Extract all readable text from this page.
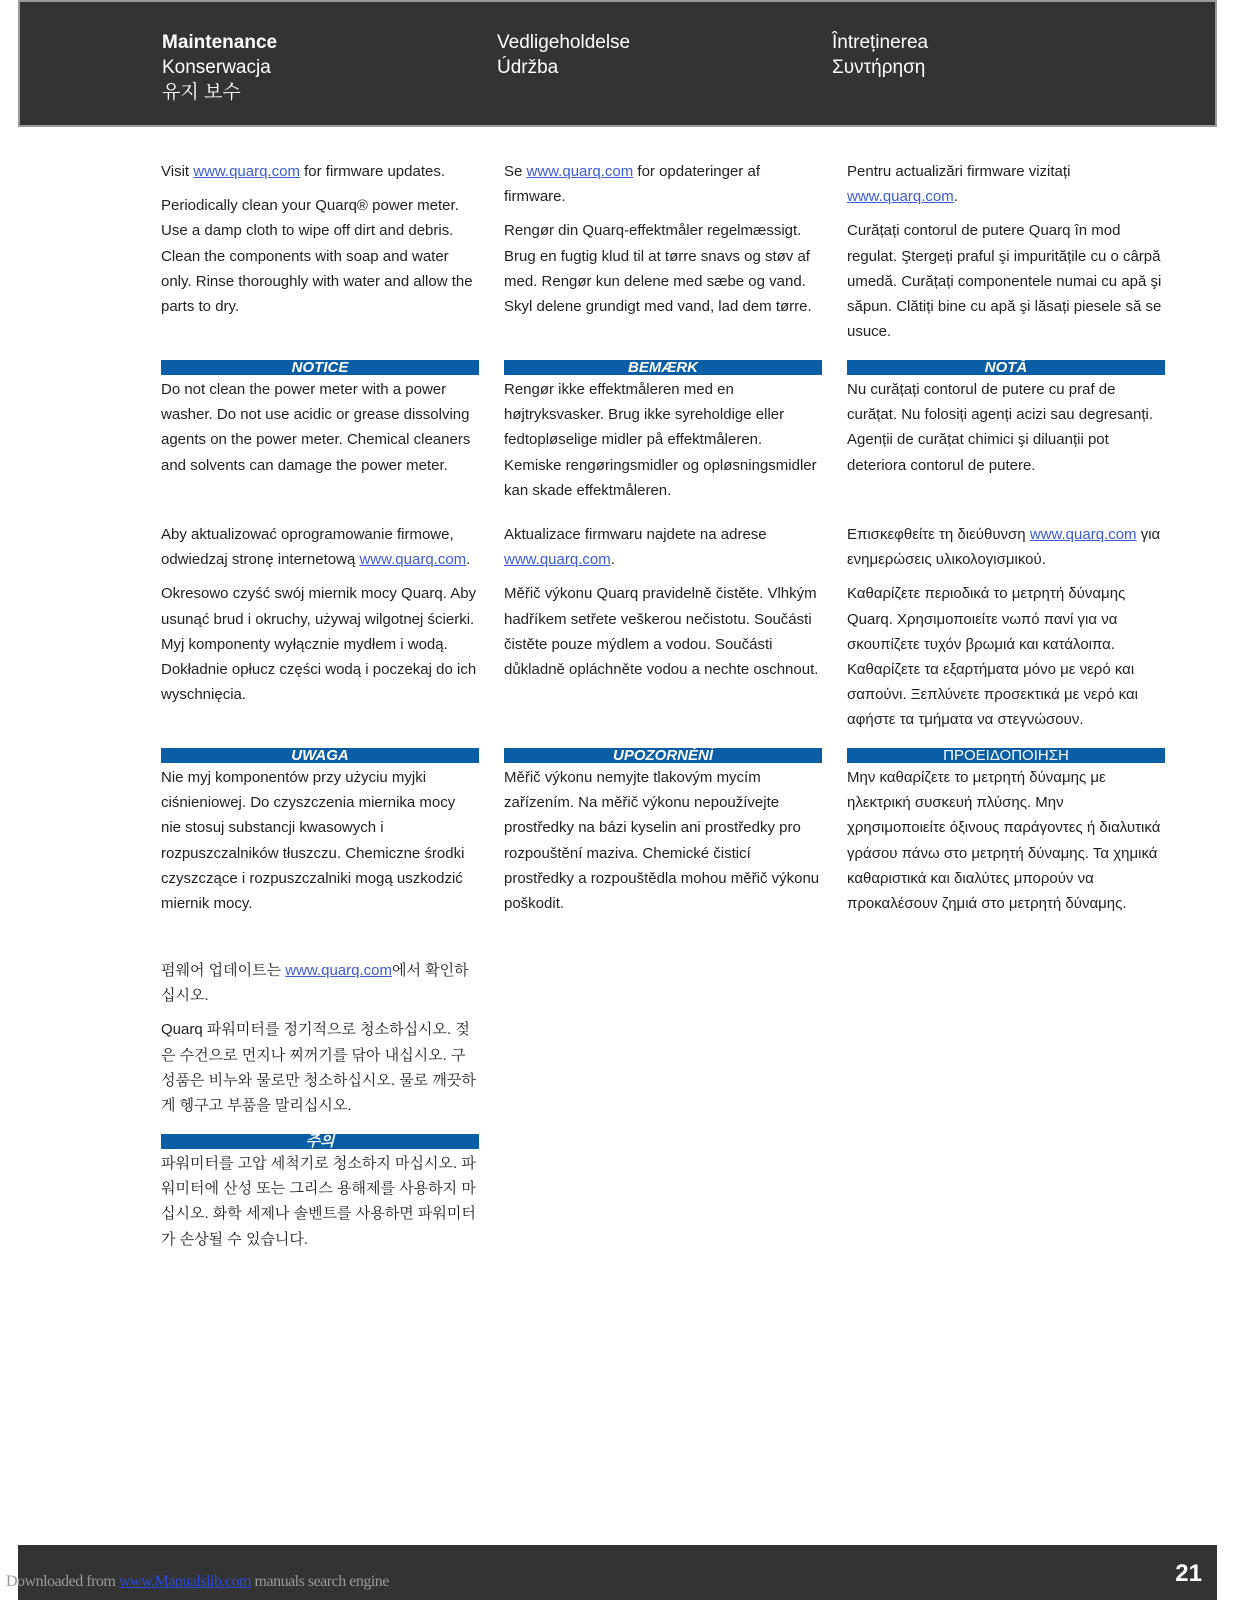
Maintenance
Konserwacja
유지 보수
Vedligeholdelse
Údržba
Întreținerea
Συντήρηση

Visit www.quarq.com for firmware updates.

Periodically clean your Quarq® power meter. Use a damp cloth to wipe off dirt and debris. Clean the components with soap and water only. Rinse thoroughly with water and allow the parts to dry.

NOTICE
Do not clean the power meter with a power washer. Do not use acidic or grease dissolving agents on the power meter. Chemical cleaners and solvents can damage the power meter.

Se www.quarq.com for opdateringer af firmware.

Rengør din Quarq-effektmåler regelmæssigt. Brug en fugtig klud til at tørre snavs og støv af med. Rengør kun delene med sæbe og vand. Skyl delene grundigt med vand, lad dem tørre.

BEMÆRK
Rengør ikke effektmåleren med en højtryksvasker. Brug ikke syreholdige eller fedtopløselige midler på effektmåleren. Kemiske rengøringsmidler og opløsningsmidler kan skade effektmåleren.

Pentru actualizări firmware vizitați www.quarq.com.

Curățați contorul de putere Quarq în mod regulat. Ştergeți praful şi impuritățile cu o cârpă umedă. Curățați componentele numai cu apă şi săpun. Clătiți bine cu apă şi lăsați piesele să se usuce.

NOTĂ
Nu curățați contorul de putere cu praf de curățat. Nu folosiți agenți acizi sau degresanți. Agenții de curățat chimici şi diluanții pot deteriora contorul de putere.

Aby aktualizować oprogramowanie firmowe, odwiedzaj stronę internetową www.quarq.com.

Okresowo czyść swój miernik mocy Quarq. Aby usunąć brud i okruchy, używaj wilgotnej ścierki. Myj komponenty wyłącznie mydłem i wodą. Dokładnie opłucz części wodą i poczekaj do ich wyschnięcia.

UWAGA
Nie myj komponentów przy użyciu myjki ciśnieniowej. Do czyszczenia miernika mocy nie stosuj substancji kwasowych i rozpuszczalników tłuszczu. Chemiczne środki czyszczące i rozpuszczalniki mogą uszkodzić miernik mocy.

Aktualizace firmwaru najdete na adrese www.quarq.com.

Měřič výkonu Quarq pravidelně čistěte. Vlhkým hadříkem setřete veškerou nečistotu. Součásti čistěte pouze mýdlem a vodou. Součásti důkladně opláchněte vodou a nechte oschnout.

UPOZORNĚNÍ
Měřič výkonu nemyjte tlakovým mycím zařízením. Na měřič výkonu nepoužívejte prostředky na bázi kyselin ani prostředky pro rozpouštění maziva. Chemické čisticí prostředky a rozpouštědla mohou měřič výkonu poškodit.

Επισκεφθείτε τη διεύθυνση www.quarq.com για ενημερώσεις υλικολογισμικού.

Καθαρίζετε περιοδικά το μετρητή δύναμης Quarq. Χρησιμοποιείτε νωπό πανί για να σκουπίζετε τυχόν βρωμιά και κατάλοιπα. Καθαρίζετε τα εξαρτήματα μόνο με νερό και σαπούνι. Ξεπλύνετε προσεκτικά με νερό και αφήστε τα τμήματα να στεγνώσουν.

ΠΡΟΕΙΔΟΠΟΙΗΣΗ
Μην καθαρίζετε το μετρητή δύναμης με ηλεκτρική συσκευή πλύσης. Μην χρησιμοποιείτε όξινους παράγοντες ή διαλυτικά γράσου πάνω στο μετρητή δύναμης. Τα χημικά καθαριστικά και διαλύτες μπορούν να προκαλέσουν ζημιά στο μετρητή δύναμης.

펌웨어 업데이트는 www.quarq.com에서 확인하십시오.

Quarq 파워미터를 정기적으로 청소하십시오. 젖은 수건으로 먼지나 찌꺼기를 닦아 내십시오. 구성품은 비누와 물로만 청소하십시오. 물로 깨끗하게 헹구고 부품을 말리십시오.

주의
파워미터를 고압 세척기로 청소하지 마십시오. 파워미터에 산성 또는 그리스 용해제를 사용하지 마십시오. 화학 세제나 솔벤트를 사용하면 파워미터가 손상될 수 있습니다.
21
Downloaded from www.Manualslib.com manuals search engine
